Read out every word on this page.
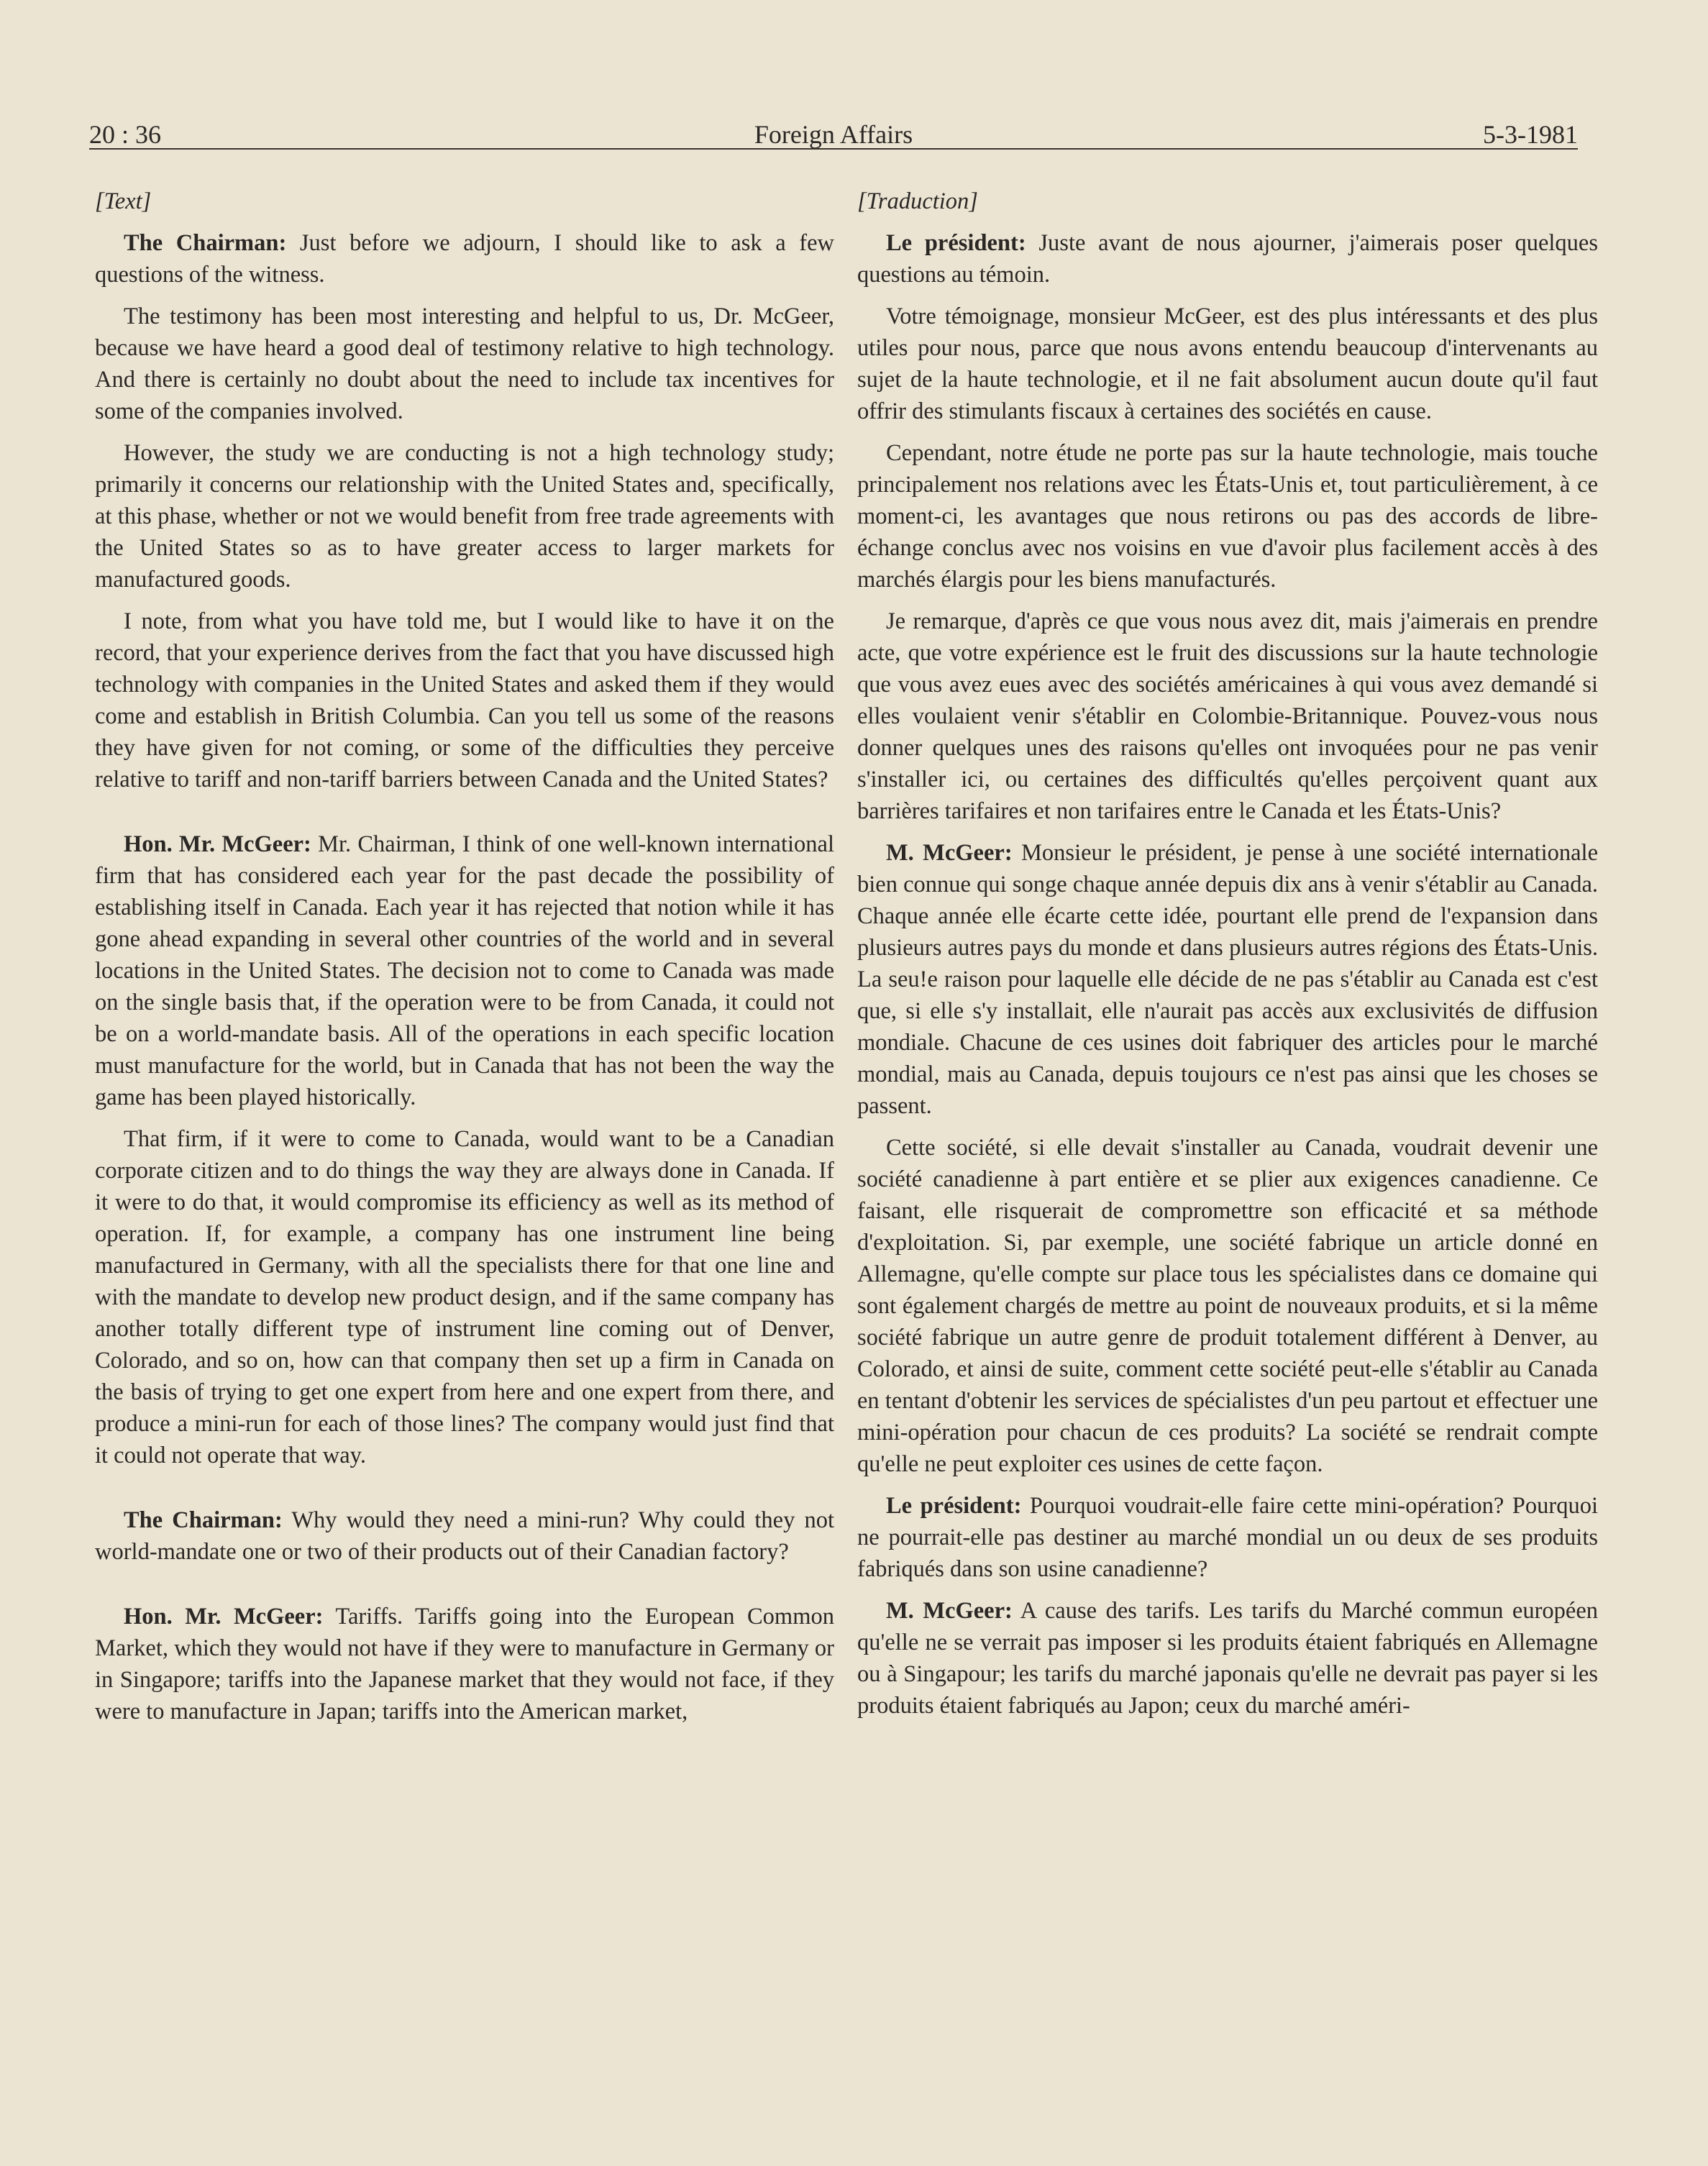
Foreign Affairs
20 : 36	5-3-1981

[Text]

The Chairman: Just before we adjourn, I should like to ask a few questions of the witness.

The testimony has been most interesting and helpful to us, Dr. McGeer, because we have heard a good deal of testimony relative to high technology. And there is certainly no doubt about the need to include tax incentives for some of the companies involved.

However, the study we are conducting is not a high technology study; primarily it concerns our relationship with the United States and, specifically, at this phase, whether or not we would benefit from free trade agreements with the United States so as to have greater access to larger markets for manufactured goods.

I note, from what you have told me, but I would like to have it on the record, that your experience derives from the fact that you have discussed high technology with companies in the United States and asked them if they would come and establish in British Columbia. Can you tell us some of the reasons they have given for not coming, or some of the difficulties they perceive relative to tariff and non-tariff barriers between Canada and the United States?

Hon. Mr. McGeer: Mr. Chairman, I think of one well-known international firm that has considered each year for the past decade the possibility of establishing itself in Canada. Each year it has rejected that notion while it has gone ahead expanding in several other countries of the world and in several locations in the United States. The decision not to come to Canada was made on the single basis that, if the operation were to be from Canada, it could not be on a world-mandate basis. All of the operations in each specific location must manufacture for the world, but in Canada that has not been the way the game has been played historically.

That firm, if it were to come to Canada, would want to be a Canadian corporate citizen and to do things the way they are always done in Canada. If it were to do that, it would compromise its efficiency as well as its method of operation. If, for example, a company has one instrument line being manufactured in Germany, with all the specialists there for that one line and with the mandate to develop new product design, and if the same company has another totally different type of instrument line coming out of Denver, Colorado, and so on, how can that company then set up a firm in Canada on the basis of trying to get one expert from here and one expert from there, and produce a mini-run for each of those lines? The company would just find that it could not operate that way.

The Chairman: Why would they need a mini-run? Why could they not world-mandate one or two of their products out of their Canadian factory?

Hon. Mr. McGeer: Tariffs. Tariffs going into the European Common Market, which they would not have if they were to manufacture in Germany or in Singapore; tariffs into the Japanese market that they would not face, if they were to manufacture in Japan; tariffs into the American market,

[Traduction]

Le président: Juste avant de nous ajourner, j'aimerais poser quelques questions au témoin.

Votre témoignage, monsieur McGeer, est des plus intéressants et des plus utiles pour nous, parce que nous avons entendu beaucoup d'intervenants au sujet de la haute technologie, et il ne fait absolument aucun doute qu'il faut offrir des stimulants fiscaux à certaines des sociétés en cause.

Cependant, notre étude ne porte pas sur la haute technologie, mais touche principalement nos relations avec les États-Unis et, tout particulièrement, à ce moment-ci, les avantages que nous retirons ou pas des accords de libre-échange conclus avec nos voisins en vue d'avoir plus facilement accès à des marchés élargis pour les biens manufacturés.

Je remarque, d'après ce que vous nous avez dit, mais j'aimerais en prendre acte, que votre expérience est le fruit des discussions sur la haute technologie que vous avez eues avec des sociétés américaines à qui vous avez demandé si elles voulaient venir s'établir en Colombie-Britannique. Pouvez-vous nous donner quelques unes des raisons qu'elles ont invoquées pour ne pas venir s'installer ici, ou certaines des difficultés qu'elles perçoivent quant aux barrières tarifaires et non tarifaires entre le Canada et les États-Unis?

M. McGeer: Monsieur le président, je pense à une société internationale bien connue qui songe chaque année depuis dix ans à venir s'établir au Canada. Chaque année elle écarte cette idée, pourtant elle prend de l'expansion dans plusieurs autres pays du monde et dans plusieurs autres régions des États-Unis. La seu!e raison pour laquelle elle décide de ne pas s'établir au Canada est c'est que, si elle s'y installait, elle n'aurait pas accès aux exclusivités de diffusion mondiale. Chacune de ces usines doit fabriquer des articles pour le marché mondial, mais au Canada, depuis toujours ce n'est pas ainsi que les choses se passent.

Cette société, si elle devait s'installer au Canada, voudrait devenir une société canadienne à part entière et se plier aux exigences canadienne. Ce faisant, elle risquerait de compromettre son efficacité et sa méthode d'exploitation. Si, par exemple, une société fabrique un article donné en Allemagne, qu'elle compte sur place tous les spécialistes dans ce domaine qui sont également chargés de mettre au point de nouveaux produits, et si la même société fabrique un autre genre de produit totalement différent à Denver, au Colorado, et ainsi de suite, comment cette société peut-elle s'établir au Canada en tentant d'obtenir les services de spécialistes d'un peu partout et effectuer une mini-opération pour chacun de ces produits? La société se rendrait compte qu'elle ne peut exploiter ces usines de cette façon.

Le président: Pourquoi voudrait-elle faire cette mini-opération? Pourquoi ne pourrait-elle pas destiner au marché mondial un ou deux de ses produits fabriqués dans son usine canadienne?

M. McGeer: A cause des tarifs. Les tarifs du Marché commun européen qu'elle ne se verrait pas imposer si les produits étaient fabriqués en Allemagne ou à Singapour; les tarifs du marché japonais qu'elle ne devrait pas payer si les produits étaient fabriqués au Japon; ceux du marché améri-
